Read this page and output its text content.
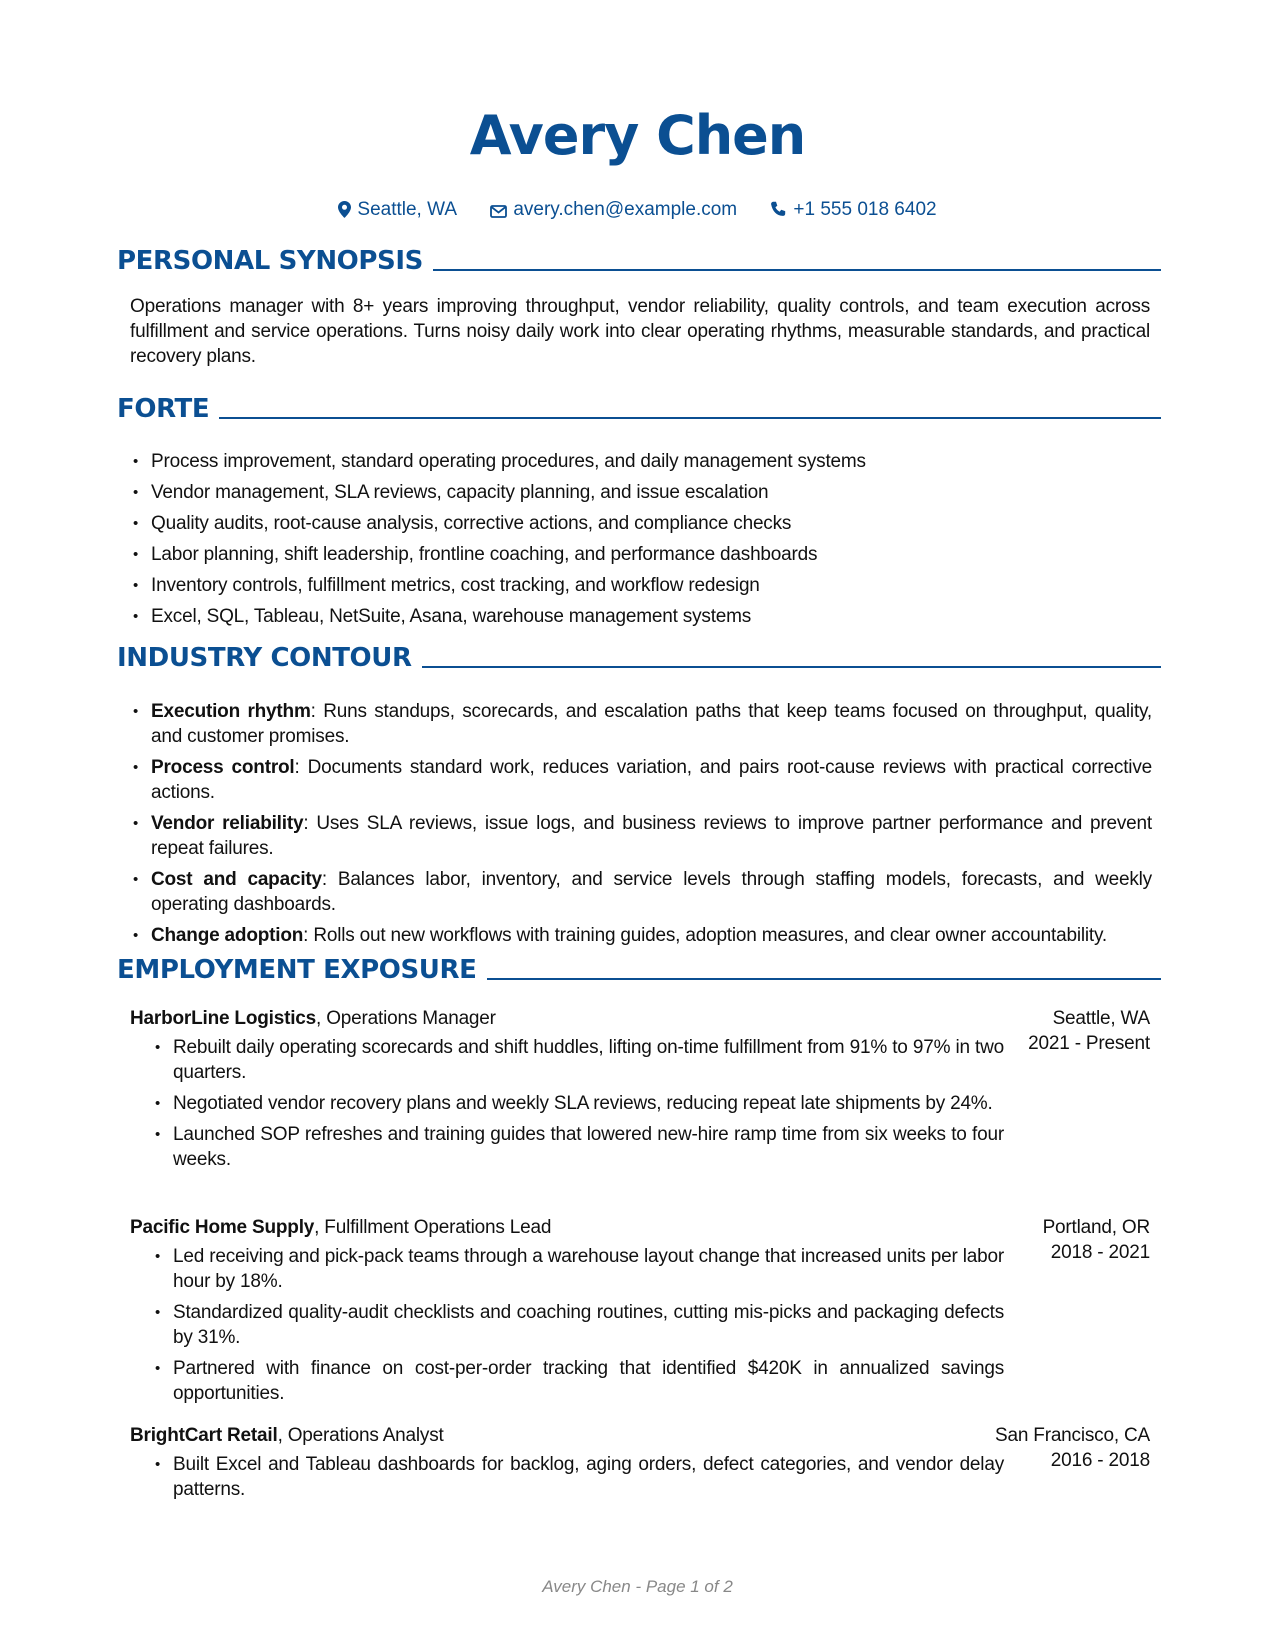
Avery Chen
Seattle, WA	avery.chen@example.com	+1 555 018 6402
PERSONAL SYNOPSIS
Operations manager with 8+ years improving throughput, vendor reliability, quality controls, and team execution across fulfillment and service operations. Turns noisy daily work into clear operating rhythms, measurable standards, and practical recovery plans.
FORTE
• Process improvement, standard operating procedures, and daily management systems
• Vendor management, SLA reviews, capacity planning, and issue escalation
• Quality audits, root-cause analysis, corrective actions, and compliance checks
• Labor planning, shift leadership, frontline coaching, and performance dashboards
• Inventory controls, fulfillment metrics, cost tracking, and workflow redesign
• Excel, SQL, Tableau, NetSuite, Asana, warehouse management systems
INDUSTRY CONTOUR
• Execution rhythm: Runs standups, scorecards, and escalation paths that keep teams focused on throughput, quality, and customer promises.
• Process control: Documents standard work, reduces variation, and pairs root-cause reviews with practical corrective actions.
• Vendor reliability: Uses SLA reviews, issue logs, and business reviews to improve partner performance and prevent repeat failures.
• Cost and capacity: Balances labor, inventory, and service levels through staffing models, forecasts, and weekly operating dashboards.
• Change adoption: Rolls out new workflows with training guides, adoption measures, and clear owner accountability.
EMPLOYMENT EXPOSURE
HarborLine Logistics, Operations Manager	Seattle, WA
2021 - Present
• Rebuilt daily operating scorecards and shift huddles, lifting on-time fulfillment from 91% to 97% in two quarters.
• Negotiated vendor recovery plans and weekly SLA reviews, reducing repeat late shipments by 24%.
• Launched SOP refreshes and training guides that lowered new-hire ramp time from six weeks to four weeks.
Pacific Home Supply, Fulfillment Operations Lead	Portland, OR
2018 - 2021
• Led receiving and pick-pack teams through a warehouse layout change that increased units per labor hour by 18%.
• Standardized quality-audit checklists and coaching routines, cutting mis-picks and packaging defects by 31%.
• Partnered with finance on cost-per-order tracking that identified $420K in annualized savings opportunities.
BrightCart Retail, Operations Analyst	San Francisco, CA
2016 - 2018
• Built Excel and Tableau dashboards for backlog, aging orders, defect categories, and vendor delay patterns.
Avery Chen - Page 1 of 2
